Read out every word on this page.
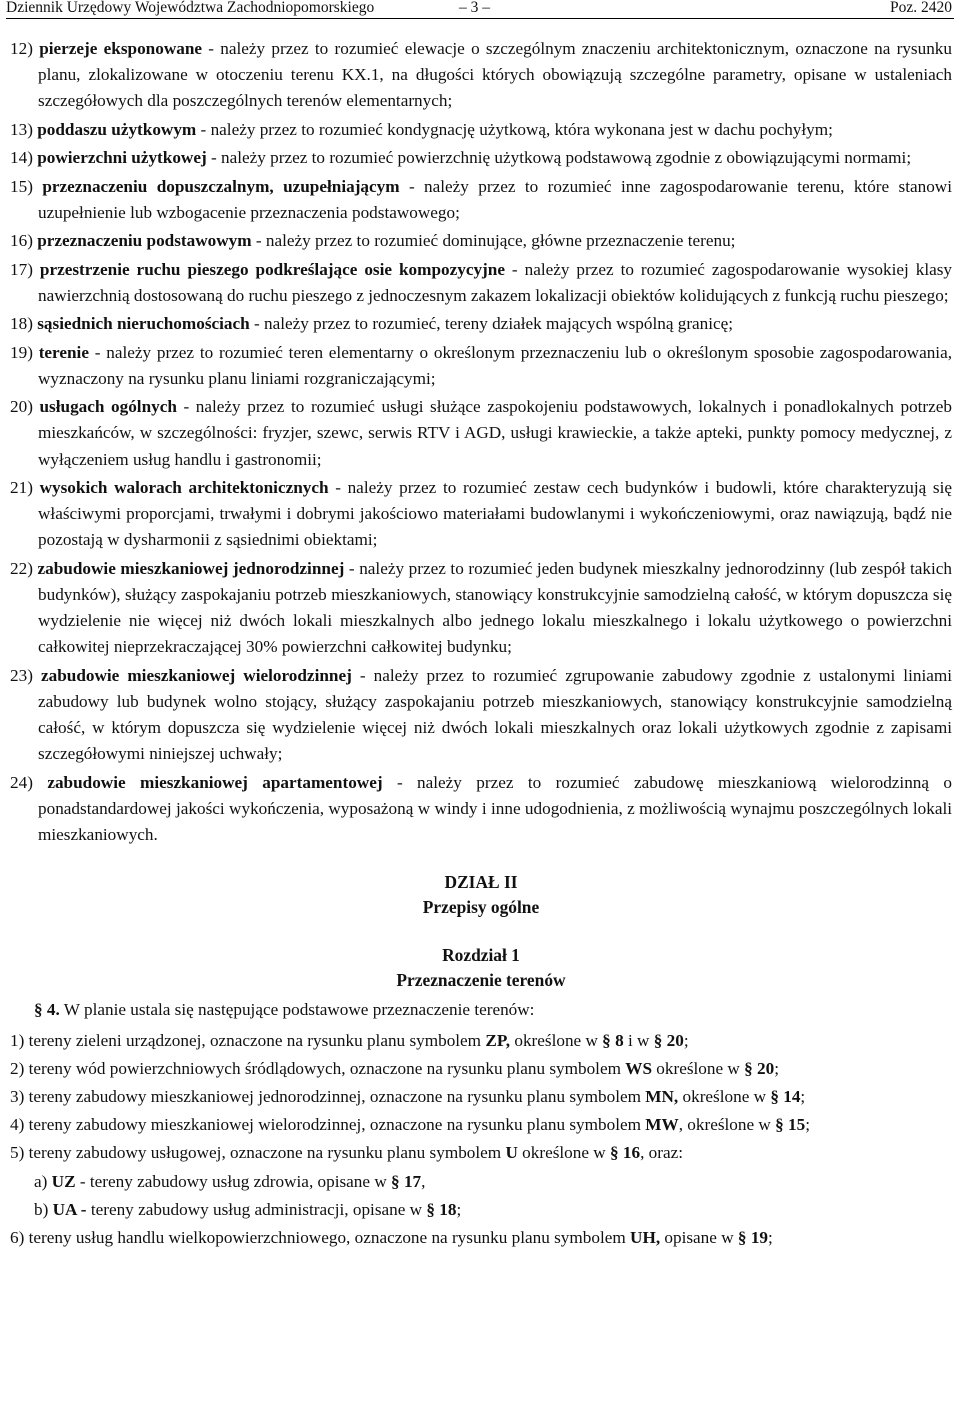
Dziennik Urzędowy Województwa Zachodniopomorskiego	– 3 –	Poz. 2420
12) pierzeje eksponowane - należy przez to rozumieć elewacje o szczególnym znaczeniu architektonicznym, oznaczone na rysunku planu, zlokalizowane w otoczeniu terenu KX.1, na długości których obowiązują szczególne parametry, opisane w ustaleniach szczegółowych dla poszczególnych terenów elementarnych;
13) poddaszu użytkowym - należy przez to rozumieć kondygnację użytkową, która wykonana jest w dachu pochyłym;
14) powierzchni użytkowej - należy przez to rozumieć powierzchnię użytkową podstawową zgodnie z obowiązującymi normami;
15) przeznaczeniu dopuszczalnym, uzupełniającym - należy przez to rozumieć inne zagospodarowanie terenu, które stanowi uzupełnienie lub wzbogacenie przeznaczenia podstawowego;
16) przeznaczeniu podstawowym - należy przez to rozumieć dominujące, główne przeznaczenie terenu;
17) przestrzenie ruchu pieszego podkreślające osie kompozycyjne - należy przez to rozumieć zagospodarowanie wysokiej klasy nawierzchnią dostosowaną do ruchu pieszego z jednoczesnym zakazem lokalizacji obiektów kolidujących z funkcją ruchu pieszego;
18) sąsiednich nieruchomościach - należy przez to rozumieć, tereny działek mających wspólną granicę;
19) terenie - należy przez to rozumieć teren elementarny o określonym przeznaczeniu lub o określonym sposobie zagospodarowania, wyznaczony na rysunku planu liniami rozgraniczającymi;
20) usługach ogólnych - należy przez to rozumieć usługi służące zaspokojeniu podstawowych, lokalnych i ponadlokalnych potrzeb mieszkańców, w szczególności: fryzjer, szewc, serwis RTV i AGD, usługi krawieckie, a także apteki, punkty pomocy medycznej, z wyłączeniem usług handlu i gastronomii;
21) wysokich walorach architektonicznych - należy przez to rozumieć zestaw cech budynków i budowli, które charakteryzują się właściwymi proporcjami, trwałymi i dobrymi jakościowo materiałami budowlanymi i wykończeniowymi, oraz nawiązują, bądź nie pozostają w dysharmonii z sąsiednimi obiektami;
22) zabudowie mieszkaniowej jednorodzinnej - należy przez to rozumieć jeden budynek mieszkalny jednorodzinny (lub zespół takich budynków), służący zaspokajaniu potrzeb mieszkaniowych, stanowiący konstrukcyjnie samodzielną całość, w którym dopuszcza się wydzielenie nie więcej niż dwóch lokali mieszkalnych albo jednego lokalu mieszkalnego i lokalu użytkowego o powierzchni całkowitej nieprzekraczającej 30% powierzchni całkowitej budynku;
23) zabudowie mieszkaniowej wielorodzinnej - należy przez to rozumieć zgrupowanie zabudowy zgodnie z ustalonymi liniami zabudowy lub budynek wolno stojący, służący zaspokajaniu potrzeb mieszkaniowych, stanowiący konstrukcyjnie samodzielną całość, w którym dopuszcza się wydzielenie więcej niż dwóch lokali mieszkalnych oraz lokali użytkowych zgodnie z zapisami szczegółowymi niniejszej uchwały;
24) zabudowie mieszkaniowej apartamentowej - należy przez to rozumieć zabudowę mieszkaniową wielorodzinną o ponadstandardowej jakości wykończenia, wyposażoną w windy i inne udogodnienia, z możliwością wynajmu poszczególnych lokali mieszkaniowych.
DZIAŁ II
Przepisy ogólne
Rozdział 1
Przeznaczenie terenów
§ 4. W planie ustala się następujące podstawowe przeznaczenie terenów:
1) tereny zieleni urządzonej, oznaczone na rysunku planu symbolem ZP, określone w § 8 i w § 20;
2) tereny wód powierzchniowych śródlądowych, oznaczone na rysunku planu symbolem WS określone w § 20;
3) tereny zabudowy mieszkaniowej jednorodzinnej, oznaczone na rysunku planu symbolem MN, określone w § 14;
4) tereny zabudowy mieszkaniowej wielorodzinnej, oznaczone na rysunku planu symbolem MW, określone w § 15;
5) tereny zabudowy usługowej, oznaczone na rysunku planu symbolem U określone w § 16, oraz:
a) UZ - tereny zabudowy usług zdrowia, opisane w § 17,
b) UA - tereny zabudowy usług administracji, opisane w § 18;
6) tereny usług handlu wielkopowierzchniowego, oznaczone na rysunku planu symbolem UH, opisane w § 19;
